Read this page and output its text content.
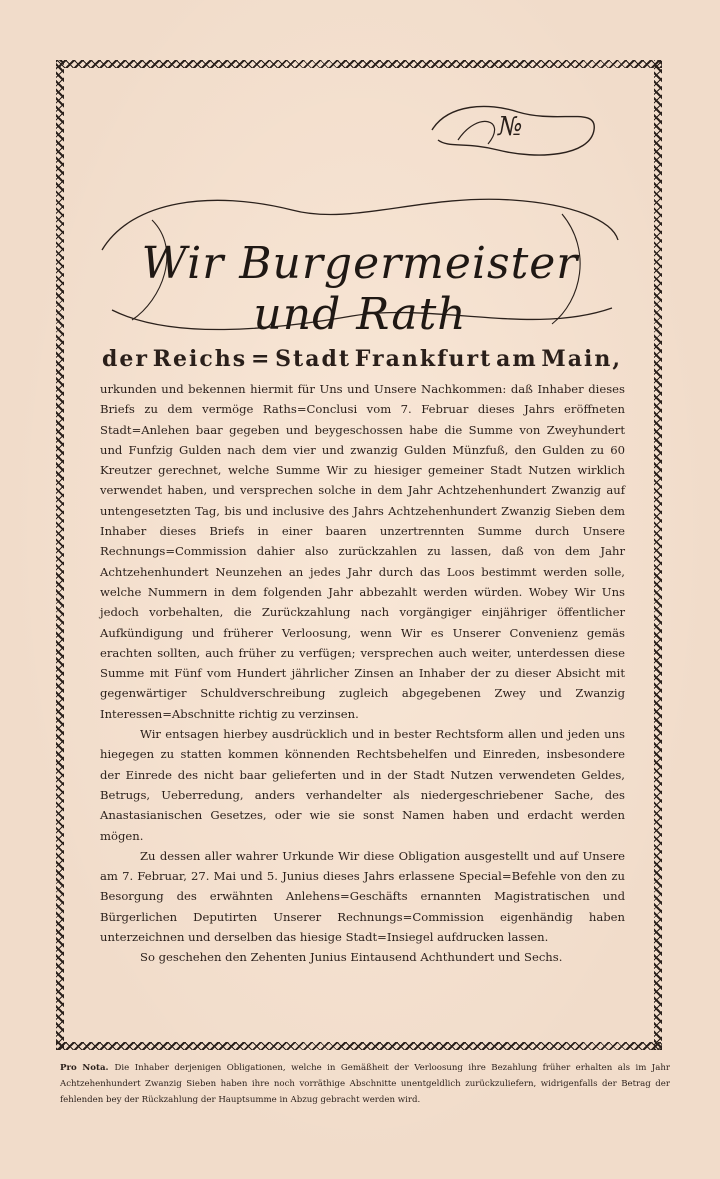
№
Wir Burgermeister und Rath
der Reichs = Stadt Frankfurt am Main,

urkunden und bekennen hiermit für Uns und Unsere Nachkommen: daß Inhaber dieses Briefs zu dem vermöge Raths=Conclusi vom 7. Februar dieses Jahrs eröffneten Stadt=Anlehen baar gegeben und beygeschossen habe die Summe von Zweyhundert und Funfzig Gulden nach dem vier und zwanzig Gulden Münzfuß, den Gulden zu 60 Kreutzer gerechnet, welche Summe Wir zu hiesiger gemeiner Stadt Nutzen wirklich verwendet haben, und versprechen solche in dem Jahr Achtzehenhundert Zwanzig auf untengesetzten Tag, bis und inclusive des Jahrs Achtzehenhundert Zwanzig Sieben dem Inhaber dieses Briefs in einer baaren unzertrennten Summe durch Unsere Rechnungs=Commission dahier also zurückzahlen zu lassen, daß von dem Jahr Achtzehenhundert Neunzehen an jedes Jahr durch das Loos bestimmt werden solle, welche Nummern in dem folgenden Jahr abbezahlt werden würden. Wobey Wir Uns jedoch vorbehalten, die Zurückzahlung nach vorgängiger einjähriger öffentlicher Aufkündigung und früherer Verloosung, wenn Wir es Unserer Convenienz gemäs erachten sollten, auch früher zu verfügen; versprechen auch weiter, unterdessen diese Summe mit Fünf vom Hundert jährlicher Zinsen an Inhaber der zu dieser Absicht mit gegenwärtiger Schuldverschreibung zugleich abgegebenen Zwey und Zwanzig Interessen=Abschnitte richtig zu verzinsen.

Wir entsagen hierbey ausdrücklich und in bester Rechtsform allen und jeden uns hiegegen zu statten kommen könnenden Rechtsbehelfen und Einreden, insbesondere der Einrede des nicht baar gelieferten und in der Stadt Nutzen verwendeten Geldes, Betrugs, Ueberredung, anders verhandelter als niedergeschriebener Sache, des Anastasianischen Gesetzes, oder wie sie sonst Namen haben und erdacht werden mögen.

Zu dessen aller wahrer Urkunde Wir diese Obligation ausgestellt und auf Unsere am 7. Februar, 27. Mai und 5. Junius dieses Jahrs erlassene Special=Befehle von den zu Besorgung des erwähnten Anlehens=Geschäfts ernannten Magistratischen und Bürgerlichen Deputirten Unserer Rechnungs=Commission eigenhändig haben unterzeichnen und derselben das hiesige Stadt=Insiegel aufdrucken lassen.

So geschehen den Zehenten Junius Eintausend Achthundert und Sechs.

Pro Nota. Die Inhaber derjenigen Obligationen, welche in Gemäßheit der Verloosung ihre Bezahlung früher erhalten als im Jahr Achtzehenhundert Zwanzig Sieben haben ihre noch vorräthige Abschnitte unentgeldlich zurückzuliefern, widrigenfalls der Betrag der fehlenden bey der Rückzahlung der Hauptsumme in Abzug gebracht werden wird.
